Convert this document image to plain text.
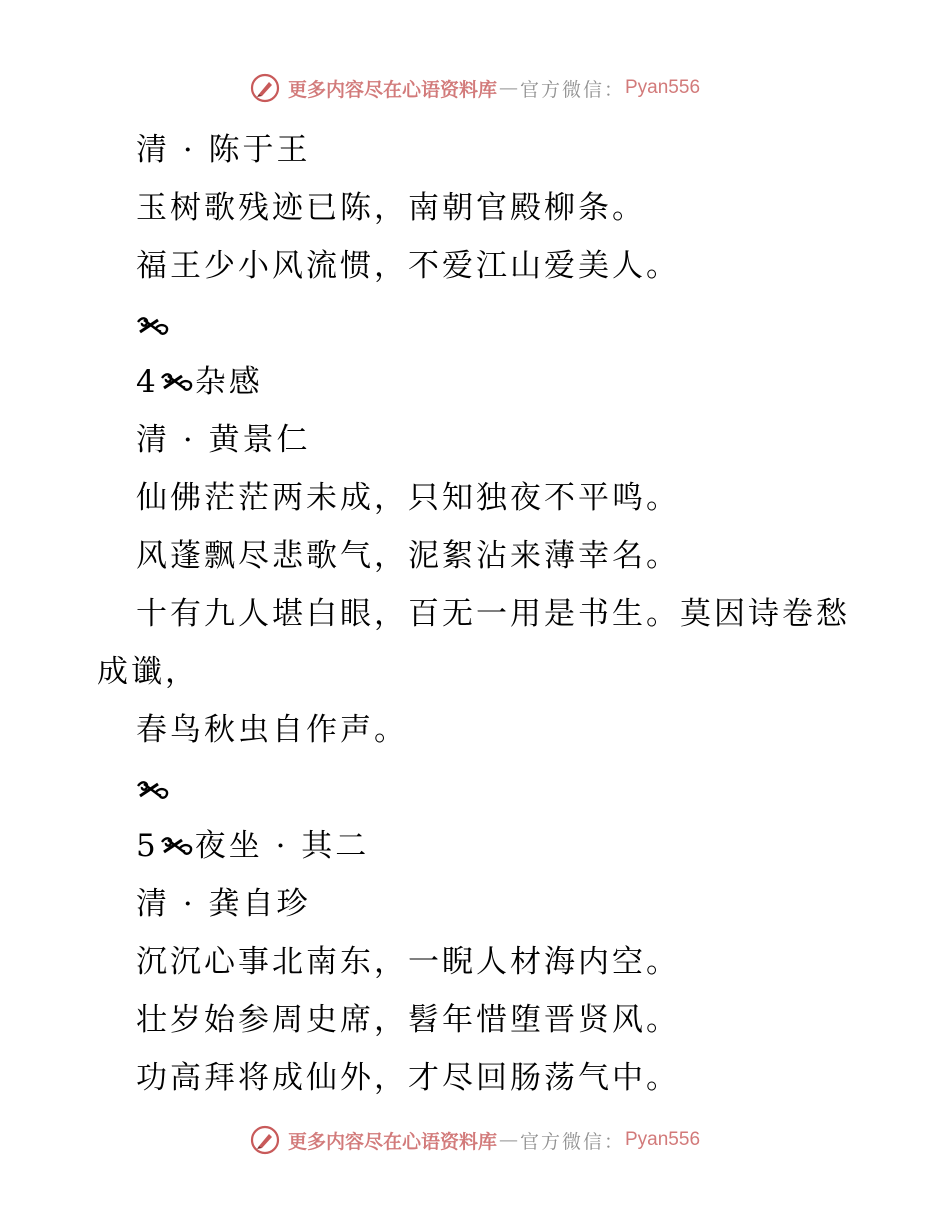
更多内容尽在心语资料库 — 官方微信： Pyan556
清 · 陈于王
玉树歌残迹已陈，南朝官殿柳条。
福王少小风流惯，不爱江山爱美人。
4 杂感
清 · 黄景仁
仙佛茫茫两未成，只知独夜不平鸣。
风蓬飘尽悲歌气，泥絮沾来薄幸名。
十有九人堪白眼，百无一用是书生。莫因诗卷愁
成谶，
春鸟秋虫自作声。
5 夜坐 · 其二
清 · 龚自珍
沉沉心事北南东，一睨人材海内空。
壮岁始参周史席，髫年惜堕晋贤风。
功高拜将成仙外，才尽回肠荡气中。
更多内容尽在心语资料库 — 官方微信： Pyan556
